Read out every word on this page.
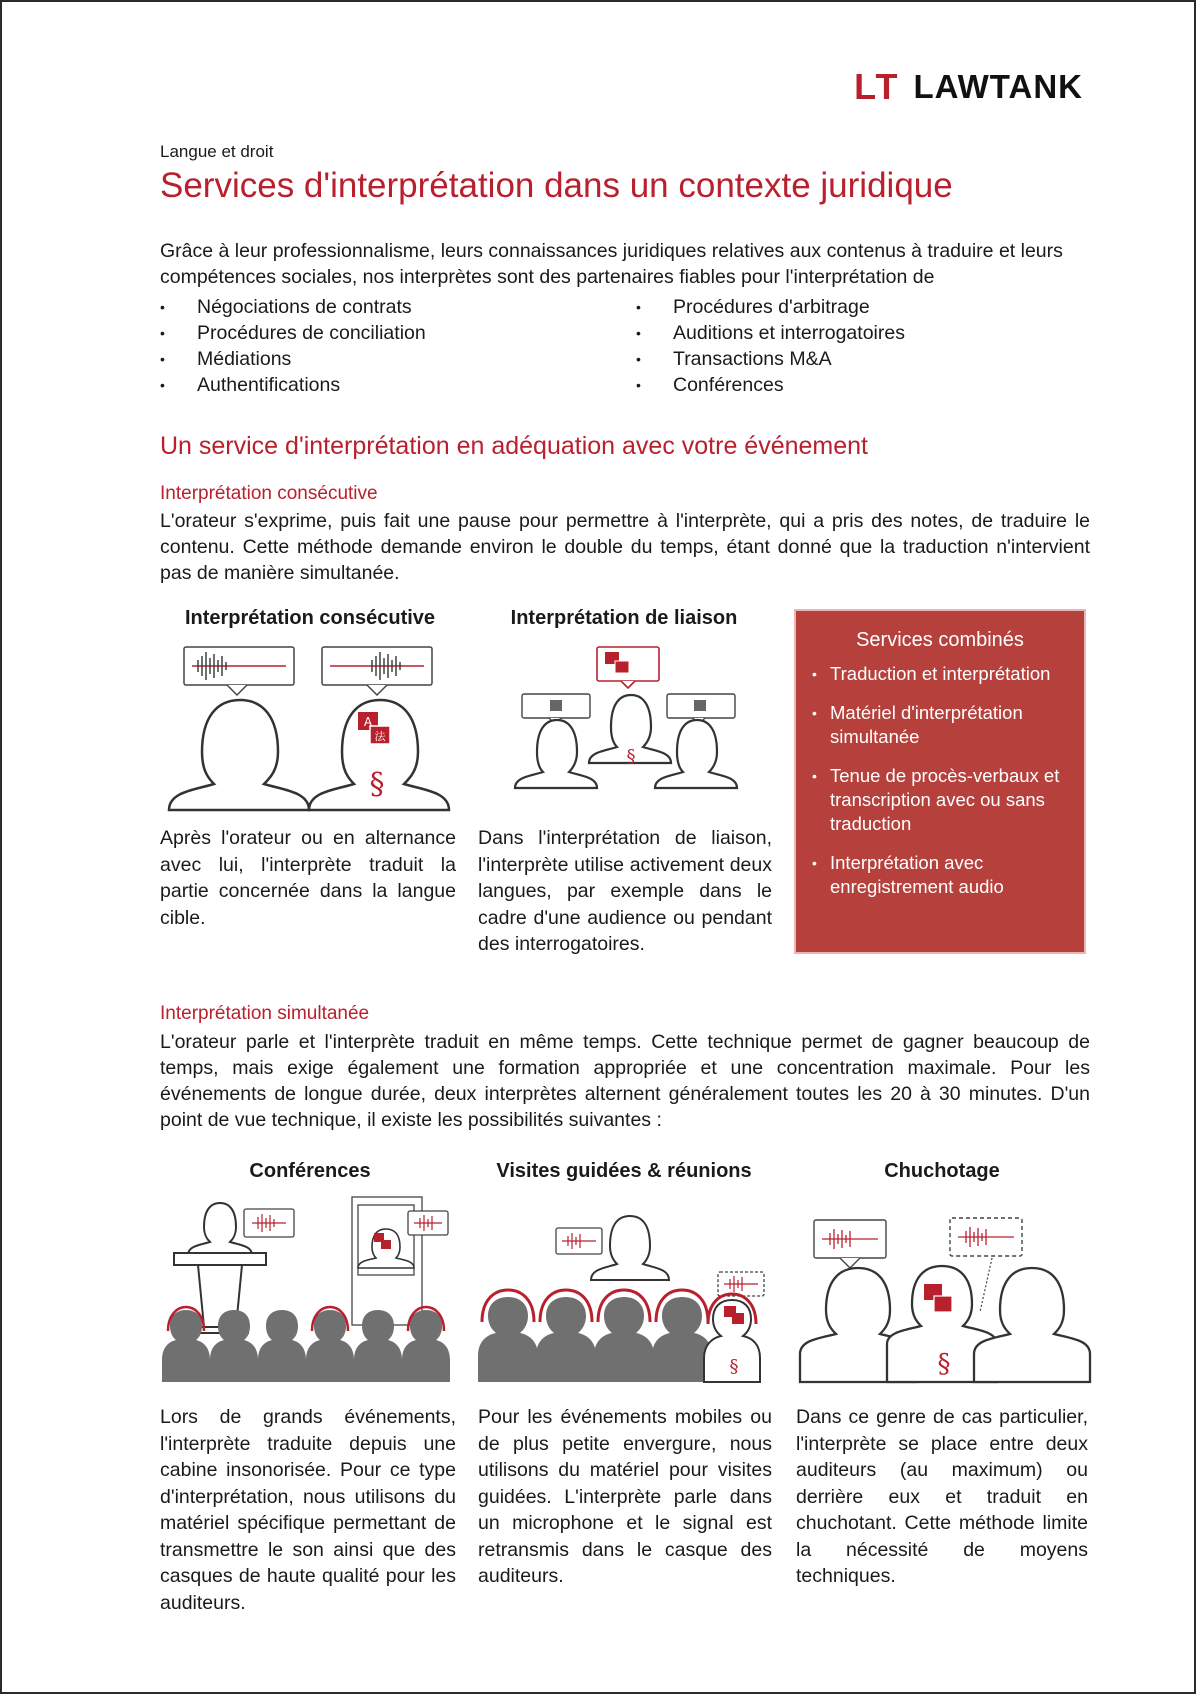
LT LAWTANK
Langue et droit
Services d'interprétation dans un contexte juridique
Grâce à leur professionnalisme, leurs connaissances juridiques relatives aux contenus à traduire et leurs compétences sociales, nos interprètes sont des partenaires fiables pour l'interprétation de
• Négociations de contrats
• Procédures de conciliation
• Médiations
• Authentifications
• Procédures d'arbitrage
• Auditions et interrogatoires
• Transactions M&A
• Conférences
Un service d'interprétation en adéquation avec votre événement
Interprétation consécutive
L'orateur s'exprime, puis fait une pause pour permettre à l'interprète, qui a pris des notes, de traduire le contenu. Cette méthode demande environ le double du temps, étant donné que la traduction n'intervient pas de manière simultanée.
Interprétation consécutive
A
法
§
Après l'orateur ou en alternance avec lui, l'interprète traduit la partie concernée dans la langue cible.
Interprétation de liaison
§
Dans l'interprétation de liaison, l'interprète utilise activement deux langues, par exemple dans le cadre d'une audience ou pendant des interrogatoires.
Services combinés
• Traduction et interprétation
• Matériel d'interprétation simultanée
• Tenue de procès-verbaux et transcription avec ou sans traduction
• Interprétation avec enregistrement audio
Interprétation simultanée
L'orateur parle et l'interprète traduit en même temps. Cette technique permet de gagner beaucoup de temps, mais exige également une formation appropriée et une concentration maximale. Pour les événements de longue durée, deux interprètes alternent généralement toutes les 20 à 30 minutes. D'un point de vue technique, il existe les possibilités suivantes :
Conférences
Lors de grands événements, l'interprète traduite depuis une cabine insonorisée. Pour ce type d'interprétation, nous utilisons du matériel spécifique permettant de transmettre le son ainsi que des casques de haute qualité pour les auditeurs.
Visites guidées & réunions
§
Pour les événements mobiles ou de plus petite envergure, nous utilisons du matériel pour visites guidées. L'interprète parle dans un microphone et le signal est retransmis dans le casque des auditeurs.
Chuchotage
§
Dans ce genre de cas particulier, l'interprète se place entre deux auditeurs (au maximum) ou derrière eux et traduit en chuchotant. Cette méthode limite la nécessité de moyens techniques.
